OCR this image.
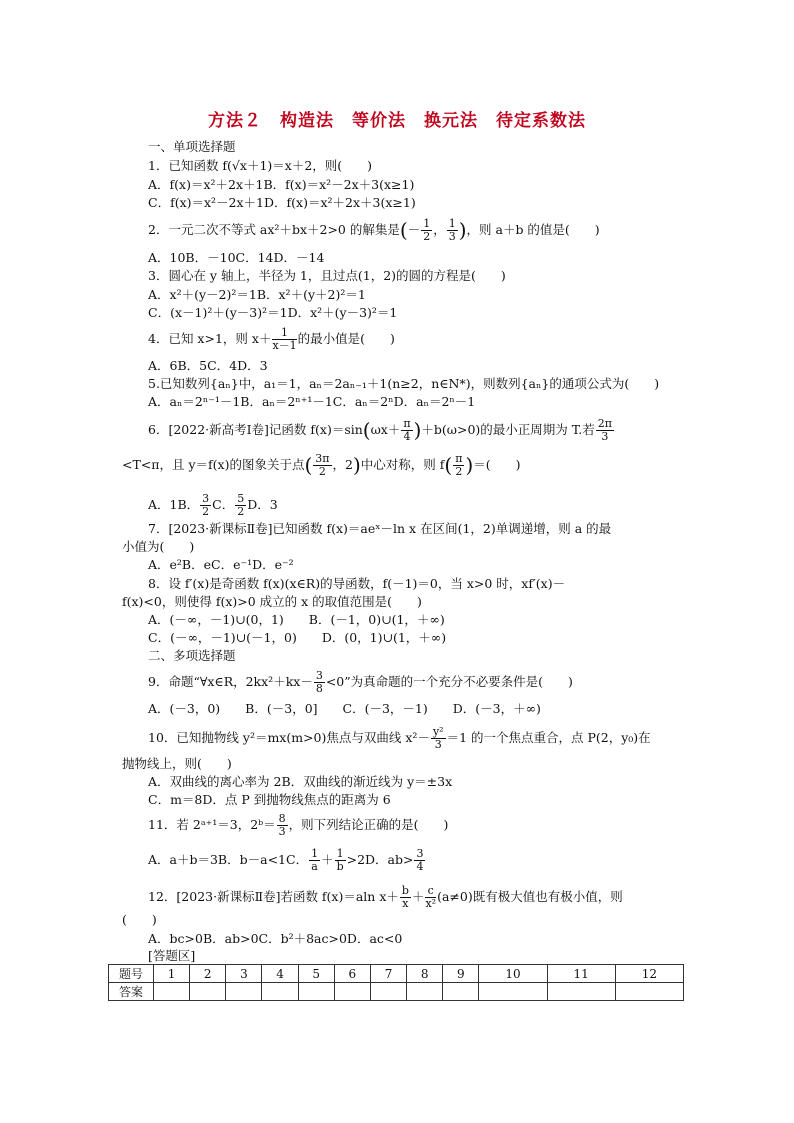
方法２　构造法　等价法　换元法　待定系数法
一、单项选择题
1．已知函数 f(√x＋1)＝x＋2，则(　　)
A．f(x)＝x²＋2x＋1B．f(x)＝x²－2x＋3(x≥1)
C．f(x)＝x²－2x＋1D．f(x)＝x²＋2x＋3(x≥1)
2．一元二次不等式 ax²＋bx＋2>0 的解集是(－ $\frac{1}{2}$ ， $\frac{1}{3}$ )，则 a＋b 的值是(　　)
A．10B．－10C．14D．－14
3．圆心在 y 轴上，半径为 1，且过点(1，2)的圆的方程是(　　)
A．x²＋(y－2)²＝1B．x²＋(y＋2)²＝1
C．(x－1)²＋(y－3)²＝1D．x²＋(y－3)²＝1
4．已知 x>1，则 $x+ \frac{1}{x-1}$ 的最小值是(　　)
A．6B．5C．4D．3
5.已知数列{aₙ}中，a₁＝1，aₙ＝2aₙ₋₁＋1(n≥2，n∈N*)，则数列{aₙ}的通项公式为(　　)
A．aₙ＝2ⁿ⁻¹－1B．aₙ＝2ⁿ⁺¹－1C．aₙ＝2ⁿD．aₙ＝2ⁿ－1
6．[2022·新高考Ⅰ卷]记函数 $f(x)=\sin(\omega x+ \frac{\pi}{4} )+b(\omega>0)$的最小正周期为 T.若 $\frac{2\pi}{3}$
<T<π，且 y＝f(x)的图象关于点( $\frac{3\pi}{2}$ ，2)中心对称，则 $f( \frac{\pi}{2}$ )＝(　　)
A．1B． $\frac{3}{2}$ C． $\frac{5}{2}$ D．3
7．[2023·新课标Ⅱ卷]已知函数 f(x)＝aeˣ－ln x 在区间(1，2)单调递增，则 a 的最
小值为(　　)
A．e²B．eC．e⁻¹D．e⁻²
8．设 f′(x)是奇函数 f(x)(x∈R)的导函数，f(－1)＝0，当 x>0 时，xf′(x)－
f(x)<0，则使得 f(x)>0 成立的 x 的取值范围是(　　)
A．(－∞，－1)∪(0，1)　　B．(－1，0)∪(1，＋∞)
C．(－∞，－1)∪(－1，0)　　D．(0，1)∪(1，＋∞)
二、多项选择题
9．命题“∀x∈R，$2kx^2+kx- \frac{3}{8} <0$”为真命题的一个充分不必要条件是(　　)
A．(－3，0)　　B．(－3，0]　　C．(－3，－1)　　D．(－3，＋∞)
10．已知抛物线 y²＝mx(m>0)焦点与双曲线 $x^2- \frac{\text{y²}}{3} =1$ 的一个焦点重合，点 P(2，y₀)在
抛物线上，则(　　)
A．双曲线的离心率为 2B．双曲线的渐近线为 y＝±3x
C．m＝8D．点 P 到抛物线焦点的距离为 6
11．若 2ᵃ⁺¹＝3，2ᵇ＝ $\frac{8}{3}$ ，则下列结论正确的是(　　)
A．a＋b＝3B．b－a<1C． $\frac{1}{a} + \frac{1}{b} >2D$．$ab> \frac{3}{4}$
12．[2023·新课标Ⅱ卷]若函数 f(x)＝aln $x+ \frac{b}{x} + \frac{c}{\text{x²}} (a\ne 0)$既有极大值也有极小值，则
(　　)
A．bc>0B．ab>0C．b²＋8ac>0D．ac<0
[答题区]
题号	1	2	3	4	5	6	7	8	9	10	11	12
答案												
